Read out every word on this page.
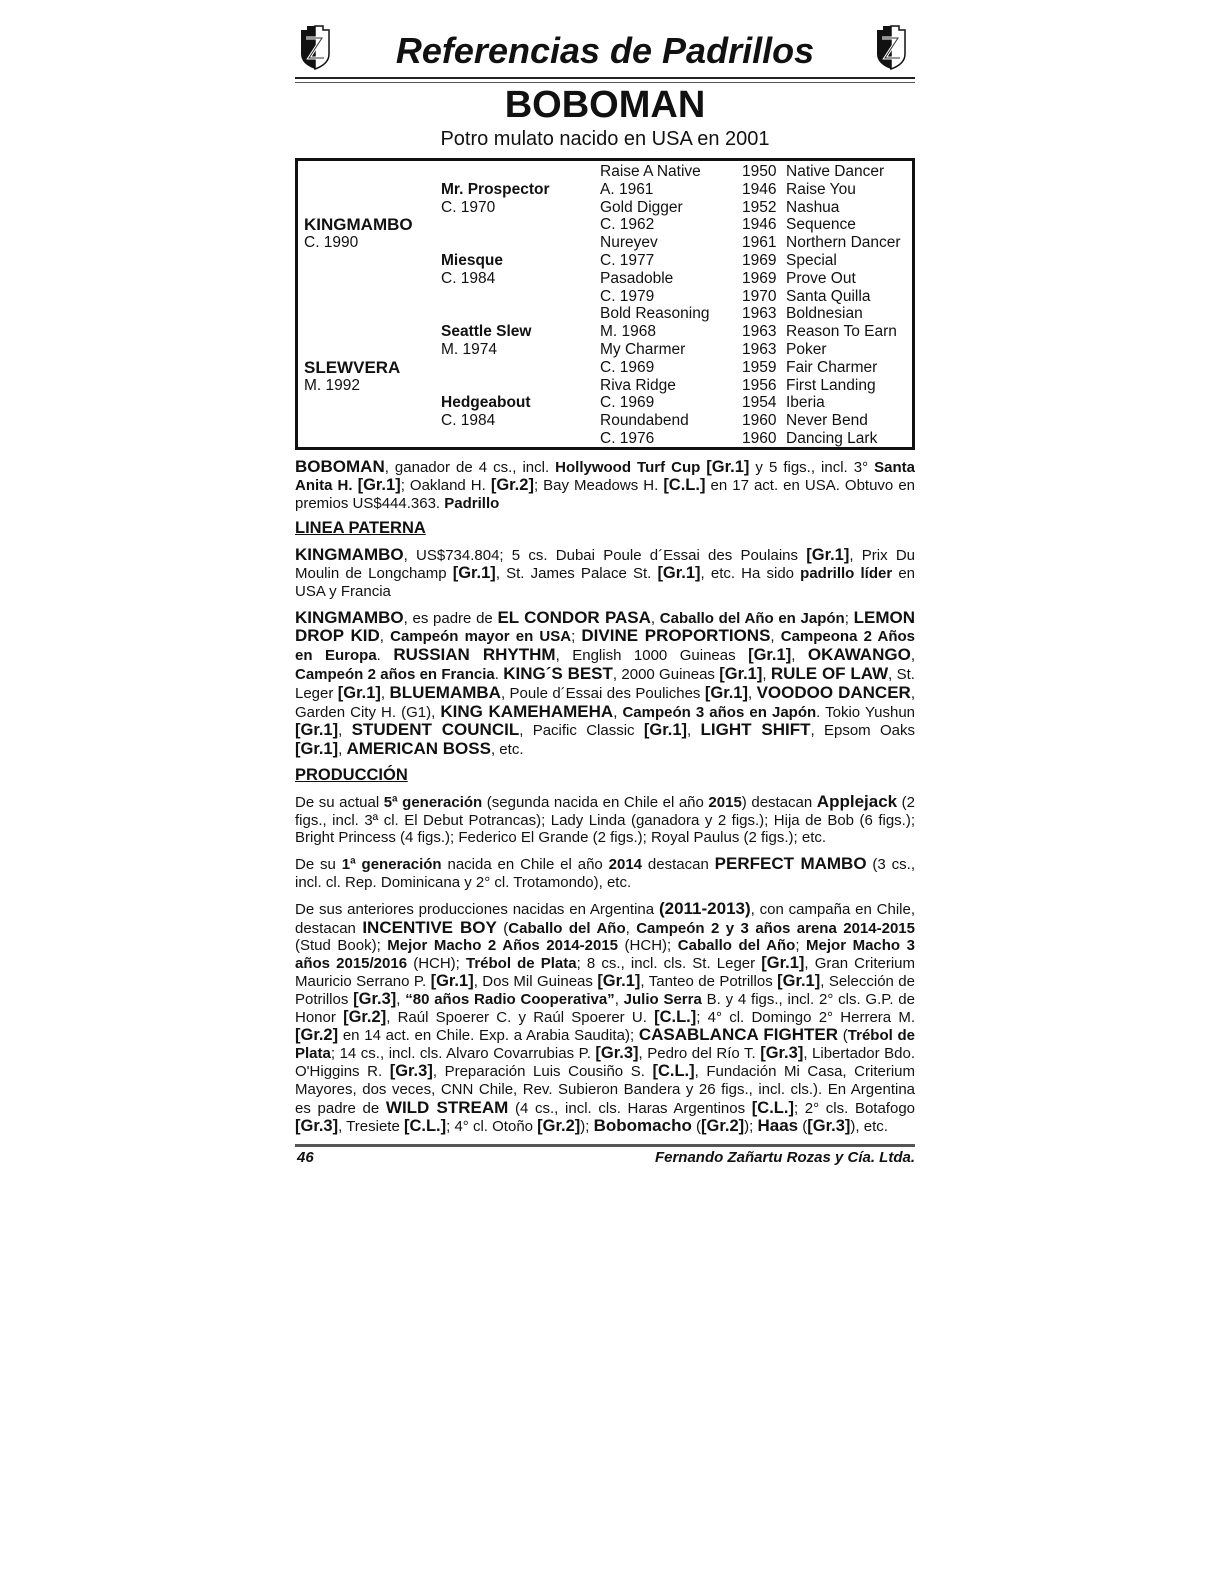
Referencias de Padrillos
BOBOMAN
Potro mulato nacido en USA en 2001
KINGMAMBO
C. 1990
SLEWVERA
M. 1992
Mr. Prospector
C. 1970
Miesque
C. 1984
Seattle Slew
M. 1974
Hedgeabout
C. 1984
Raise A Native
A. 1961
Gold Digger
C. 1962
Nureyev
C. 1977
Pasadoble
C. 1979
Bold Reasoning
M. 1968
My Charmer
C. 1969
Riva Ridge
C. 1969
Roundabend
C. 1976
1950 Native Dancer
1946 Raise You
1952 Nashua
1946 Sequence
1961 Northern Dancer
1969 Special
1969 Prove Out
1970 Santa Quilla
1963 Boldnesian
1963 Reason To Earn
1963 Poker
1959 Fair Charmer
1956 First Landing
1954 Iberia
1960 Never Bend
1960 Dancing Lark

BOBOMAN, ganador de 4 cs., incl. Hollywood Turf Cup [Gr.1] y 5 figs., incl. 3° Santa Anita H. [Gr.1]; Oakland H. [Gr.2]; Bay Meadows H. [C.L.] en 17 act. en USA. Obtuvo en premios US$444.363. Padrillo

LINEA PATERNA

KINGMAMBO, US$734.804; 5 cs. Dubai Poule d´Essai des Poulains [Gr.1], Prix Du Moulin de Longchamp [Gr.1], St. James Palace St. [Gr.1], etc. Ha sido padrillo líder en USA y Francia

KINGMAMBO, es padre de EL CONDOR PASA, Caballo del Año en Japón; LEMON DROP KID, Campeón mayor en USA; DIVINE PROPORTIONS, Campeona 2 Años en Europa. RUSSIAN RHYTHM, English 1000 Guineas [Gr.1], OKAWANGO, Campeón 2 años en Francia. KING´S BEST, 2000 Guineas [Gr.1], RULE OF LAW, St. Leger [Gr.1], BLUEMAMBA, Poule d´Essai des Pouliches [Gr.1], VOODOO DANCER, Garden City H. (G1), KING KAMEHAMEHA, Campeón 3 años en Japón. Tokio Yushun [Gr.1], STUDENT COUNCIL, Pacific Classic [Gr.1], LIGHT SHIFT, Epsom Oaks [Gr.1], AMERICAN BOSS, etc.

PRODUCCIÓN

De su actual 5ª generación (segunda nacida en Chile el año 2015) destacan Applejack (2 figs., incl. 3ª cl. El Debut Potrancas); Lady Linda (ganadora y 2 figs.); Hija de Bob (6 figs.); Bright Princess (4 figs.); Federico El Grande (2 figs.); Royal Paulus (2 figs.); etc.

De su 1ª generación nacida en Chile el año 2014 destacan PERFECT MAMBO (3 cs., incl. cl. Rep. Dominicana y 2° cl. Trotamondo), etc.

De sus anteriores producciones nacidas en Argentina (2011-2013), con campaña en Chile, destacan INCENTIVE BOY (Caballo del Año, Campeón 2 y 3 años arena 2014-2015 (Stud Book); Mejor Macho 2 Años 2014-2015 (HCH); Caballo del Año; Mejor Macho 3 años 2015/2016 (HCH); Trébol de Plata; 8 cs., incl. cls. St. Leger [Gr.1], Gran Criterium Mauricio Serrano P. [Gr.1], Dos Mil Guineas [Gr.1], Tanteo de Potrillos [Gr.1], Selección de Potrillos [Gr.3], “80 años Radio Cooperativa”, Julio Serra B. y 4 figs., incl. 2° cls. G.P. de Honor [Gr.2], Raúl Spoerer C. y Raúl Spoerer U. [C.L.]; 4° cl. Domingo 2° Herrera M. [Gr.2] en 14 act. en Chile. Exp. a Arabia Saudita); CASABLANCA FIGHTER (Trébol de Plata; 14 cs., incl. cls. Alvaro Covarrubias P. [Gr.3], Pedro del Río T. [Gr.3], Libertador Bdo. O'Higgins R. [Gr.3], Preparación Luis Cousiño S. [C.L.], Fundación Mi Casa, Criterium Mayores, dos veces, CNN Chile, Rev. Subieron Bandera y 26 figs., incl. cls.). En Argentina es padre de WILD STREAM (4 cs., incl. cls. Haras Argentinos [C.L.]; 2° cls. Botafogo [Gr.3], Tresiete [C.L.]; 4° cl. Otoño [Gr.2]); Bobomacho ([Gr.2]); Haas ([Gr.3]), etc.

46	Fernando Zañartu Rozas y Cía. Ltda.
